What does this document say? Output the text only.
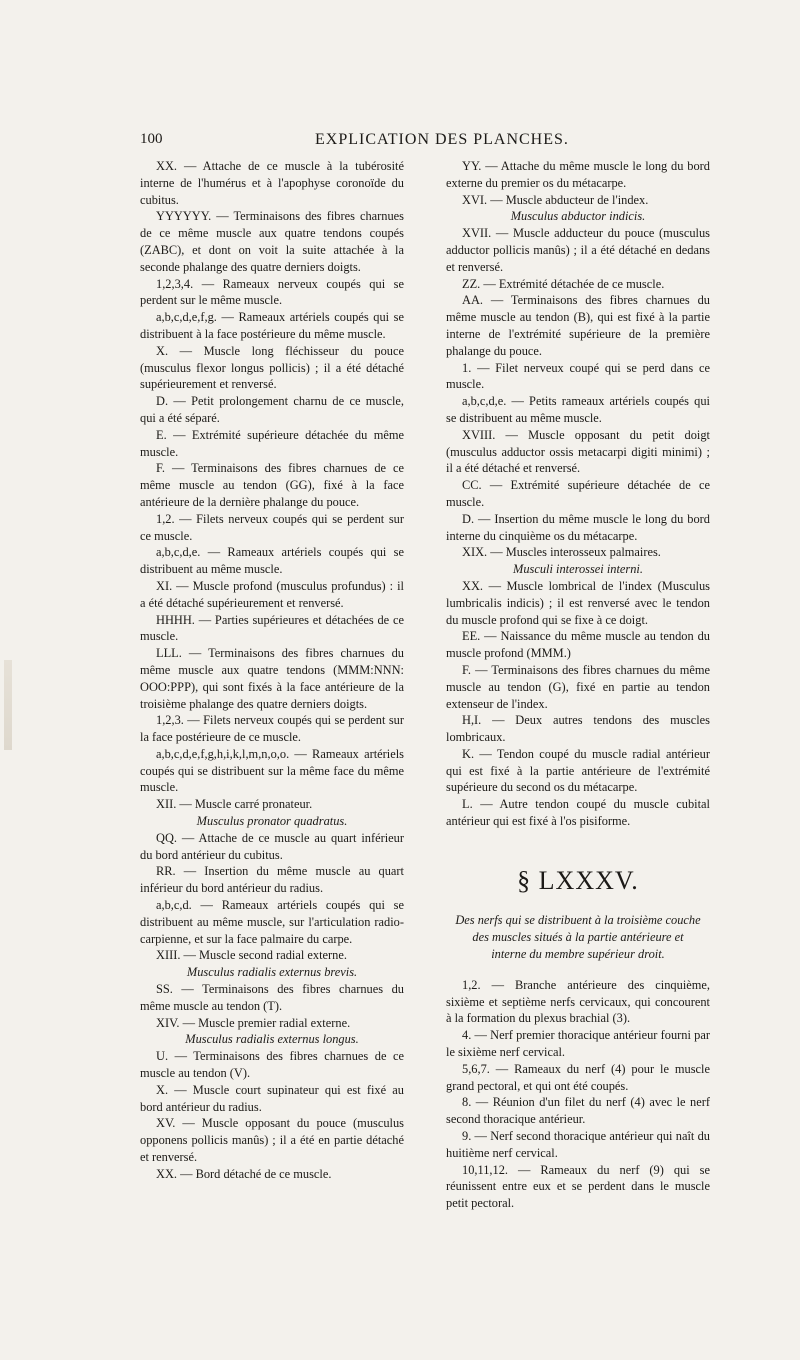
100	EXPLICATION DES PLANCHES.
XX. — Attache de ce muscle à la tubérosité interne de l'humérus et à l'apophyse coronoïde du cubitus.
YYYYYY. — Terminaisons des fibres charnues de ce même muscle aux quatre tendons coupés (ZABC), et dont on voit la suite attachée à la seconde phalange des quatre derniers doigts.
1,2,3,4. — Rameaux nerveux coupés qui se perdent sur le même muscle.
a,b,c,d,e,f,g. — Rameaux artériels coupés qui se distribuent à la face postérieure du même muscle.
X. — Muscle long fléchisseur du pouce (musculus flexor longus pollicis) ; il a été détaché supérieurement et renversé.
D. — Petit prolongement charnu de ce muscle, qui a été séparé.
E. — Extrémité supérieure détachée du même muscle.
F. — Terminaisons des fibres charnues de ce même muscle au tendon (GG), fixé à la face antérieure de la dernière phalange du pouce.
1,2. — Filets nerveux coupés qui se perdent sur ce muscle.
a,b,c,d,e. — Rameaux artériels coupés qui se distribuent au même muscle.
XI. — Muscle profond (musculus profundus) : il a été détaché supérieurement et renversé.
HHHH. — Parties supérieures et détachées de ce muscle.
LLL. — Terminaisons des fibres charnues du même muscle aux quatre tendons (MMM:NNN: OOO:PPP), qui sont fixés à la face antérieure de la troisième phalange des quatre derniers doigts.
1,2,3. — Filets nerveux coupés qui se perdent sur la face postérieure de ce muscle.
a,b,c,d,e,f,g,h,i,k,l,m,n,o,o. — Rameaux artériels coupés qui se distribuent sur la même face du même muscle.
XII. — Muscle carré pronateur.
Musculus pronator quadratus.
QQ. — Attache de ce muscle au quart inférieur du bord antérieur du cubitus.
RR. — Insertion du même muscle au quart inférieur du bord antérieur du radius.
a,b,c,d. — Rameaux artériels coupés qui se distribuent au même muscle, sur l'articulation radio-carpienne, et sur la face palmaire du carpe.
XIII. — Muscle second radial externe.
Musculus radialis externus brevis.
SS. — Terminaisons des fibres charnues du même muscle au tendon (T).
XIV. — Muscle premier radial externe.
Musculus radialis externus longus.
U. — Terminaisons des fibres charnues de ce muscle au tendon (V).
X. — Muscle court supinateur qui est fixé au bord antérieur du radius.
XV. — Muscle opposant du pouce (musculus opponens pollicis manûs) ; il a été en partie détaché et renversé.
XX. — Bord détaché de ce muscle.
YY. — Attache du même muscle le long du bord externe du premier os du métacarpe.
XVI. — Muscle abducteur de l'index.
Musculus abductor indicis.
XVII. — Muscle adducteur du pouce (musculus adductor pollicis manûs) ; il a été détaché en dedans et renversé.
ZZ. — Extrémité détachée de ce muscle.
AA. — Terminaisons des fibres charnues du même muscle au tendon (B), qui est fixé à la partie interne de l'extrémité supérieure de la première phalange du pouce.
1. — Filet nerveux coupé qui se perd dans ce muscle.
a,b,c,d,e. — Petits rameaux artériels coupés qui se distribuent au même muscle.
XVIII. — Muscle opposant du petit doigt (musculus adductor ossis metacarpi digiti minimi) ; il a été détaché et renversé.
CC. — Extrémité supérieure détachée de ce muscle.
D. — Insertion du même muscle le long du bord interne du cinquième os du métacarpe.
XIX. — Muscles interosseux palmaires.
Musculi interossei interni.
XX. — Muscle lombrical de l'index (Musculus lumbricalis indicis) ; il est renversé avec le tendon du muscle profond qui se fixe à ce doigt.
EE. — Naissance du même muscle au tendon du muscle profond (MMM.)
F. — Terminaisons des fibres charnues du même muscle au tendon (G), fixé en partie au tendon extenseur de l'index.
H,I. — Deux autres tendons des muscles lombricaux.
K. — Tendon coupé du muscle radial antérieur qui est fixé à la partie antérieure de l'extrémité supérieure du second os du métacarpe.
L. — Autre tendon coupé du muscle cubital antérieur qui est fixé à l'os pisiforme.
§ LXXXV.
Des nerfs qui se distribuent à la troisième couche des muscles situés à la partie antérieure et interne du membre supérieur droit.
1,2. — Branche antérieure des cinquième, sixième et septième nerfs cervicaux, qui concourent à la formation du plexus brachial (3).
4. — Nerf premier thoracique antérieur fourni par le sixième nerf cervical.
5,6,7. — Rameaux du nerf (4) pour le muscle grand pectoral, et qui ont été coupés.
8. — Réunion d'un filet du nerf (4) avec le nerf second thoracique antérieur.
9. — Nerf second thoracique antérieur qui naît du huitième nerf cervical.
10,11,12. — Rameaux du nerf (9) qui se réunissent entre eux et se perdent dans le muscle petit pectoral.
